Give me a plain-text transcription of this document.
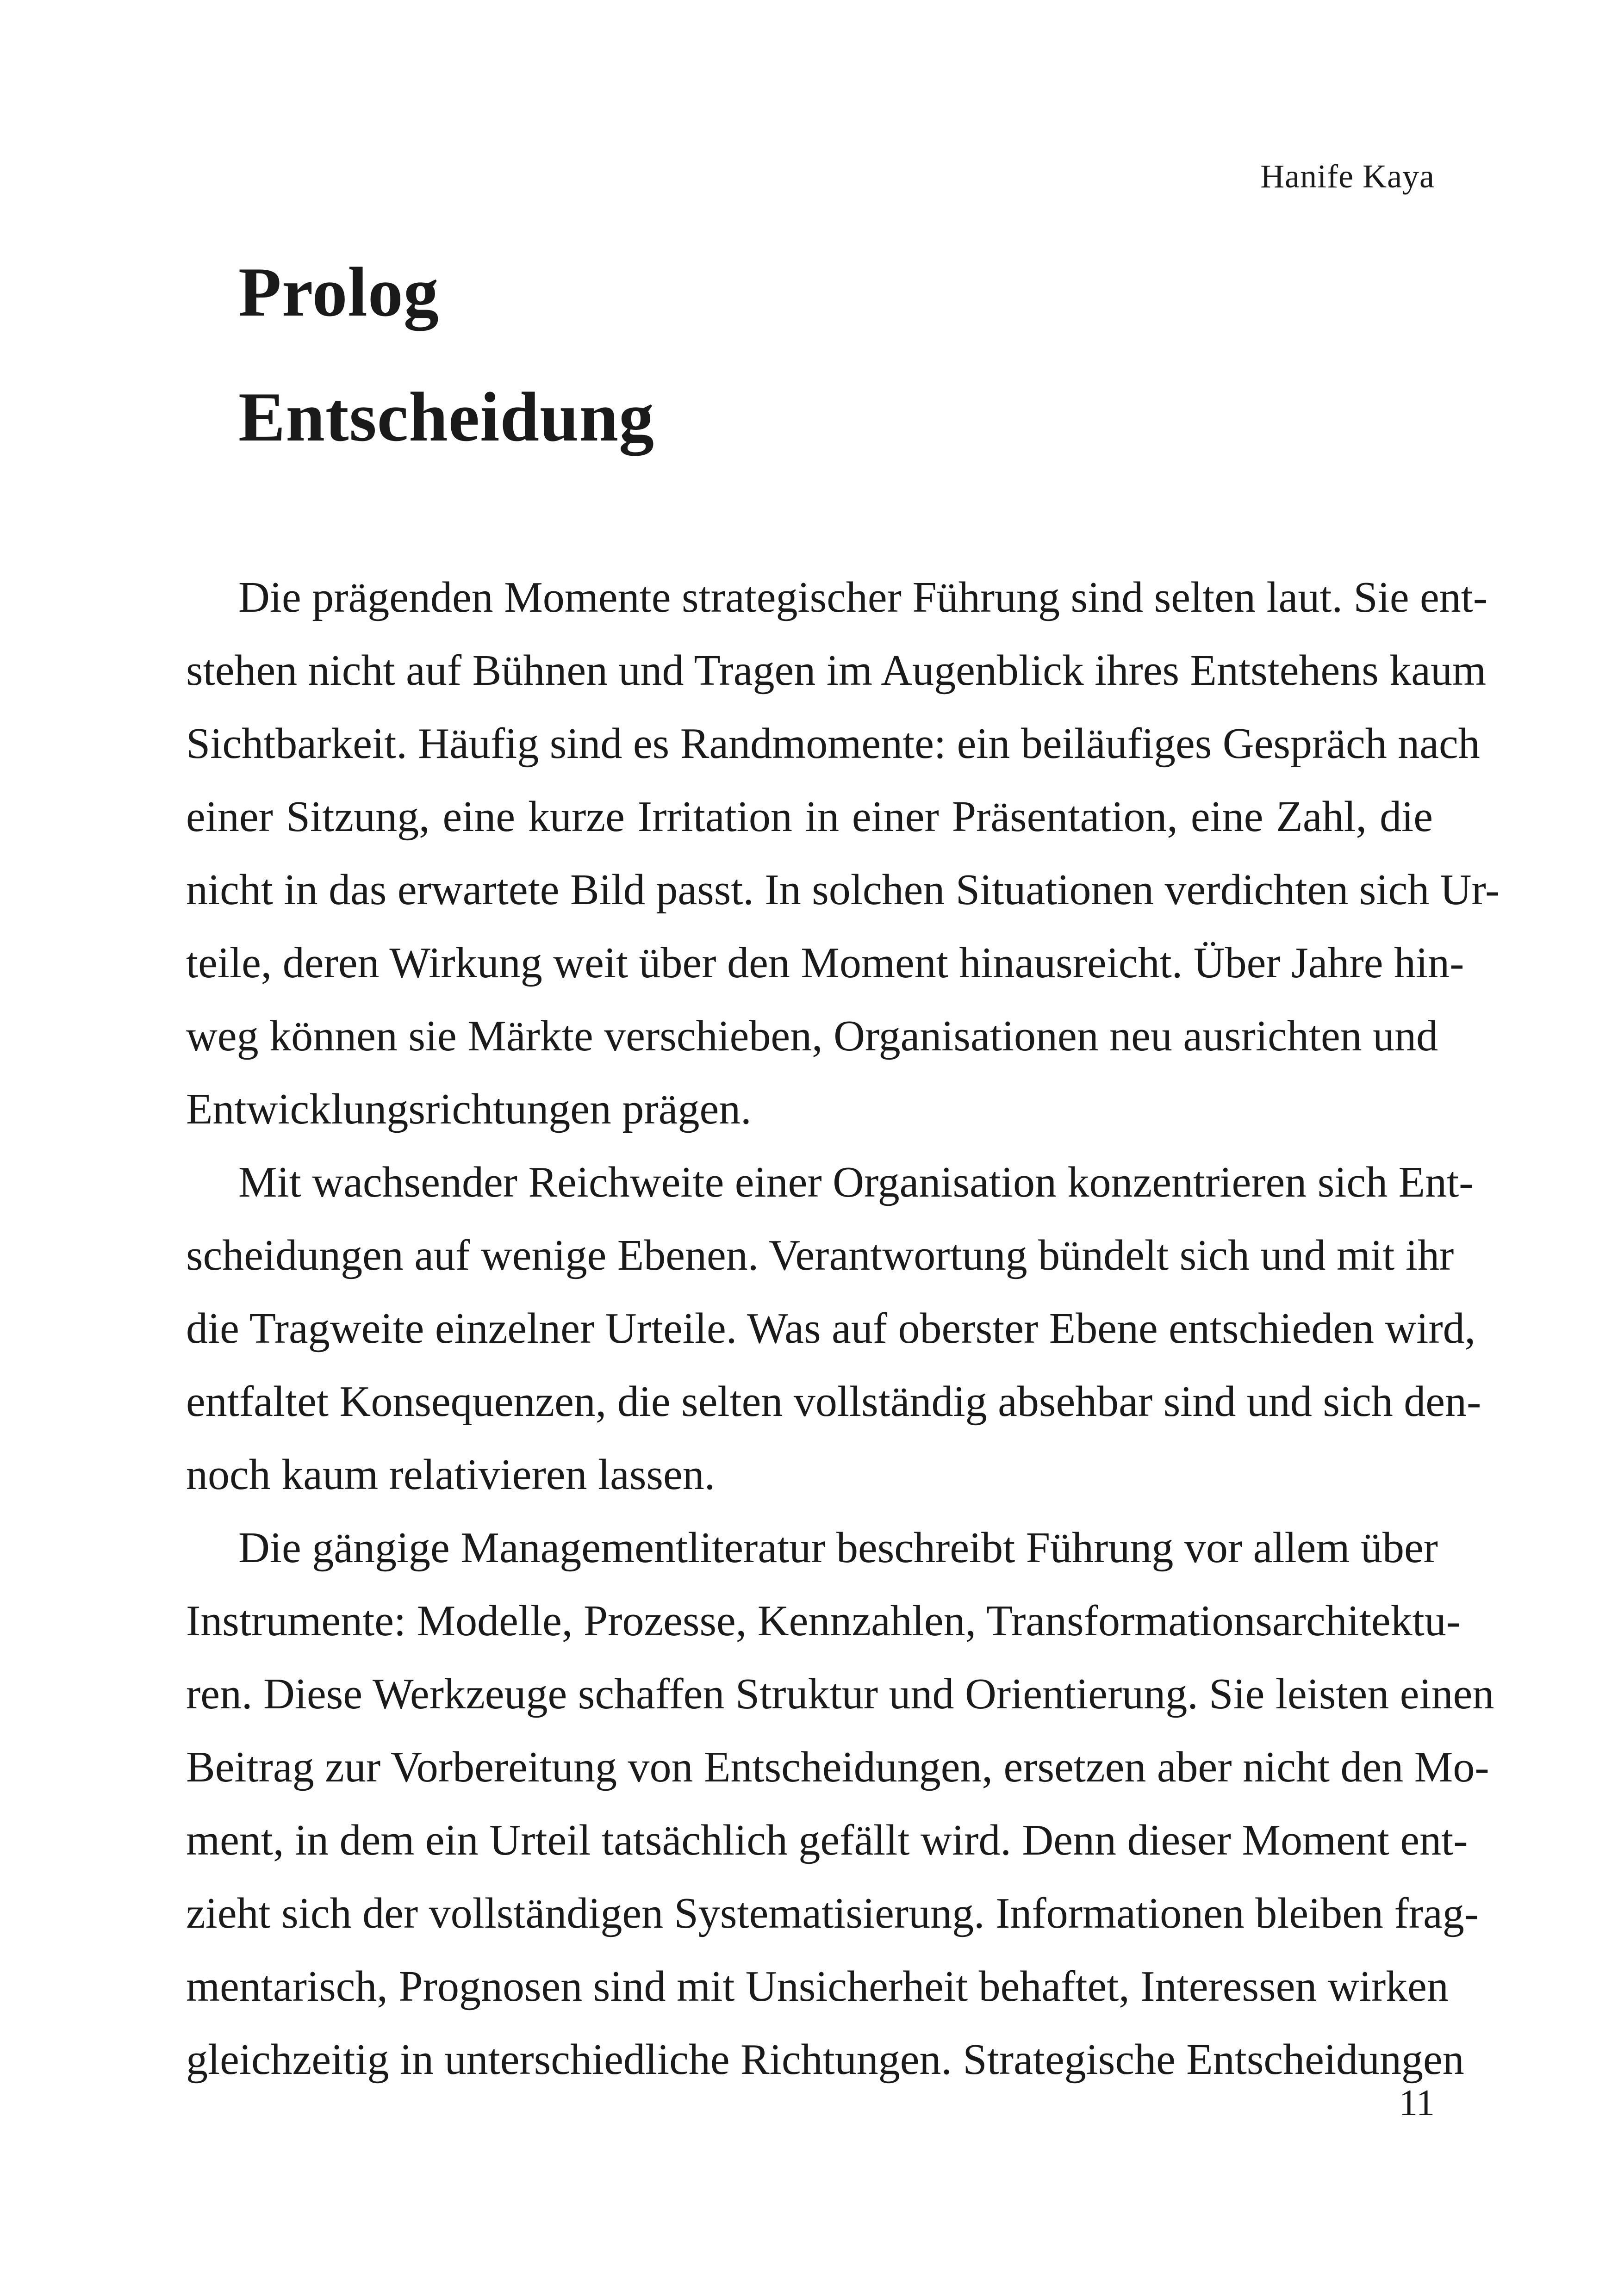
Hanife Kaya
Prolog
Entscheidung
Die prägenden Momente strategischer Führung sind selten laut. Sie ent-
stehen nicht auf Bühnen und Tragen im Augenblick ihres Entstehens kaum
Sichtbarkeit. Häufig sind es Randmomente: ein beiläufiges Gespräch nach
einer Sitzung, eine kurze Irritation in einer Präsentation, eine Zahl, die
nicht in das erwartete Bild passt. In solchen Situationen verdichten sich Ur-
teile, deren Wirkung weit über den Moment hinausreicht. Über Jahre hin-
weg können sie Märkte verschieben, Organisationen neu ausrichten und
Entwicklungsrichtungen prägen.
Mit wachsender Reichweite einer Organisation konzentrieren sich Ent-
scheidungen auf wenige Ebenen. Verantwortung bündelt sich und mit ihr
die Tragweite einzelner Urteile. Was auf oberster Ebene entschieden wird,
entfaltet Konsequenzen, die selten vollständig absehbar sind und sich den-
noch kaum relativieren lassen.
Die gängige Managementliteratur beschreibt Führung vor allem über
Instrumente: Modelle, Prozesse, Kennzahlen, Transformationsarchitektu-
ren. Diese Werkzeuge schaffen Struktur und Orientierung. Sie leisten einen
Beitrag zur Vorbereitung von Entscheidungen, ersetzen aber nicht den Mo-
ment, in dem ein Urteil tatsächlich gefällt wird. Denn dieser Moment ent-
zieht sich der vollständigen Systematisierung. Informationen bleiben frag-
mentarisch, Prognosen sind mit Unsicherheit behaftet, Interessen wirken
gleichzeitig in unterschiedliche Richtungen. Strategische Entscheidungen
11
